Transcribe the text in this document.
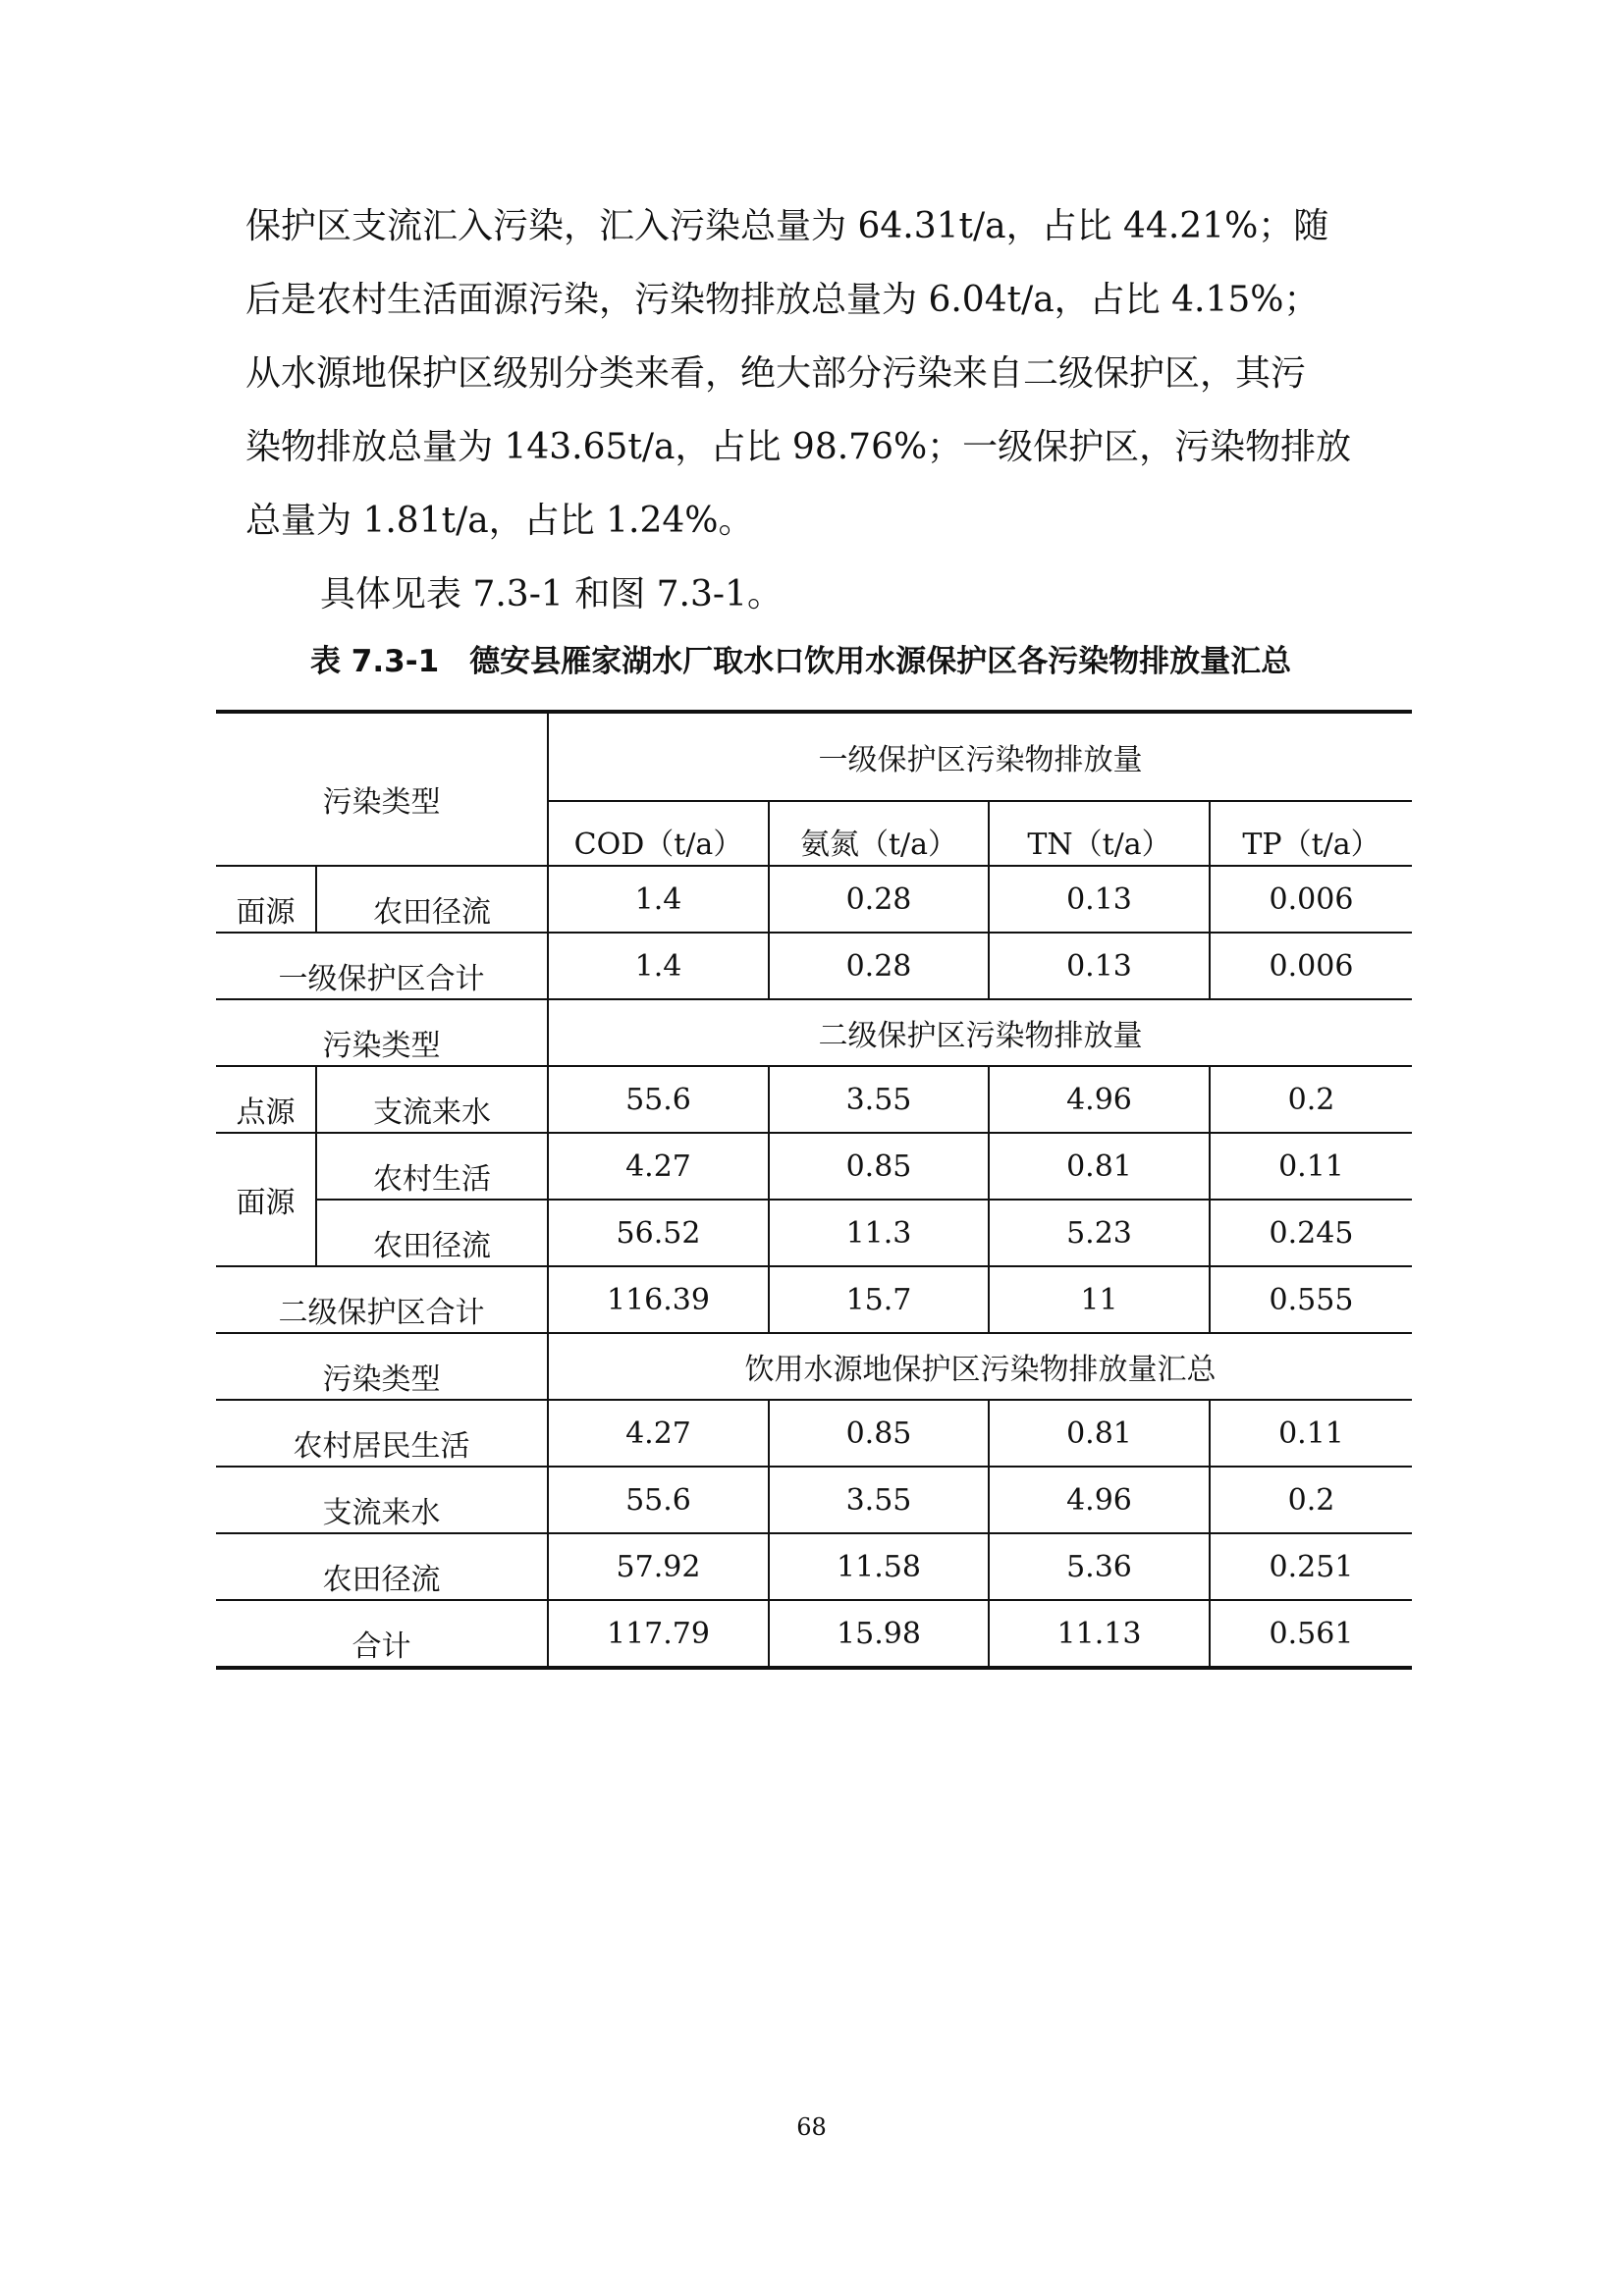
保护区支流汇入污染，汇入污染总量为 64.31t/a，占比 44.21%；随
后是农村生活面源污染，污染物排放总量为 6.04t/a，占比 4.15%；
从水源地保护区级别分类来看，绝大部分污染来自二级保护区，其污
染物排放总量为 143.65t/a，占比 98.76%；一级保护区，污染物排放
总量为 1.81t/a，占比 1.24%。
具体见表 7.3-1 和图 7.3-1。
表 7.3-1　德安县雁家湖水厂取水口饮用水源保护区各污染物排放量汇总
污染类型		一级保护区污染物排放量			
		COD（t/a）	氨氮（t/a）	TN（t/a）	TP（t/a）
面源	农田径流	1.4	0.28	0.13	0.006
一级保护区合计		1.4	0.28	0.13	0.006
污染类型		二级保护区污染物排放量			
点源	支流来水	55.6	3.55	4.96	0.2
面源	农村生活	4.27	0.85	0.81	0.11
	农田径流	56.52	11.3	5.23	0.245
二级保护区合计		116.39	15.7	11	0.555
污染类型		饮用水源地保护区污染物排放量汇总			
农村居民生活		4.27	0.85	0.81	0.11
支流来水		55.6	3.55	4.96	0.2
农田径流		57.92	11.58	5.36	0.251
合计		117.79	15.98	11.13	0.561
68
